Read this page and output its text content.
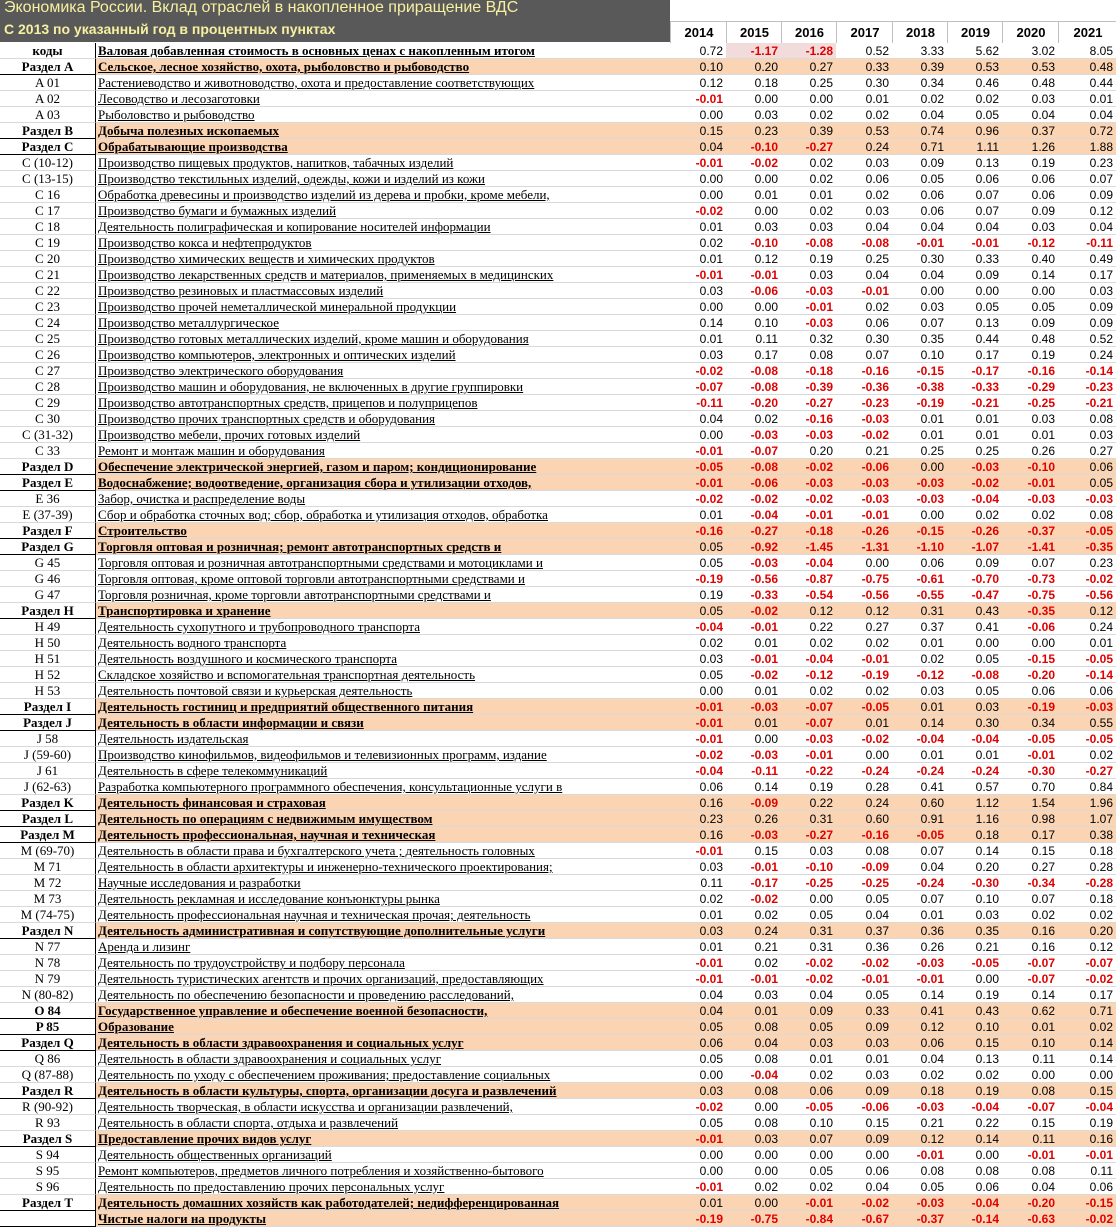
Экономика России. Вклад отраслей в накопленное приращение ВДС
С 2013 по указанный год в процентных пунктах	2014	2015	2016	2017	2018	2019	2020	2021
коды	Валовая добавленная стоимость в основных ценах с накопленным итогом	0.72	-1.17	-1.28	0.52	3.33	5.62	3.02	8.05
Раздел A	Сельское, лесное хозяйство, охота, рыболовство и рыбоводство	0.10	0.20	0.27	0.33	0.39	0.53	0.53	0.48
A 01	Растениеводство и животноводство, охота и предоставление соответствующих	0.12	0.18	0.25	0.30	0.34	0.46	0.48	0.44
A 02	Лесоводство и лесозаготовки	-0.01	0.00	0.00	0.01	0.02	0.02	0.03	0.01
A 03	Рыболовство и рыбоводство	0.00	0.03	0.02	0.02	0.04	0.05	0.04	0.04
Раздел B	Добыча полезных ископаемых	0.15	0.23	0.39	0.53	0.74	0.96	0.37	0.72
Раздел C	Обрабатывающие производства	0.04	-0.10	-0.27	0.24	0.71	1.11	1.26	1.88
C (10-12)	Производство пищевых продуктов, напитков, табачных изделий	-0.01	-0.02	0.02	0.03	0.09	0.13	0.19	0.23
C (13-15)	Производство текстильных изделий, одежды, кожи и изделий из кожи	0.00	0.00	0.02	0.06	0.05	0.06	0.06	0.07
C 16	Обработка древесины и производство изделий из дерева и пробки, кроме мебели,	0.00	0.01	0.01	0.02	0.06	0.07	0.06	0.09
C 17	Производство бумаги и бумажных изделий	-0.02	0.00	0.02	0.03	0.06	0.07	0.09	0.12
C 18	Деятельность полиграфическая и копирование носителей информации	0.01	0.03	0.03	0.04	0.04	0.04	0.03	0.04
C 19	Производство кокса и нефтепродуктов	0.02	-0.10	-0.08	-0.08	-0.01	-0.01	-0.12	-0.11
C 20	Производство химических веществ и химических продуктов	0.01	0.12	0.19	0.25	0.30	0.33	0.40	0.49
C 21	Производство лекарственных средств и материалов, применяемых в медицинских	-0.01	-0.01	0.03	0.04	0.04	0.09	0.14	0.17
C 22	Производство резиновых и пластмассовых изделий	0.03	-0.06	-0.03	-0.01	0.00	0.00	0.00	0.03
C 23	Производство прочей неметаллической минеральной продукции	0.00	0.00	-0.01	0.02	0.03	0.05	0.05	0.09
C 24	Производство металлургическое	0.14	0.10	-0.03	0.06	0.07	0.13	0.09	0.09
C 25	Производство готовых металлических изделий, кроме машин и оборудования	0.01	0.11	0.32	0.30	0.35	0.44	0.48	0.52
C 26	Производство компьютеров, электронных и оптических изделий	0.03	0.17	0.08	0.07	0.10	0.17	0.19	0.24
C 27	Производство электрического оборудования	-0.02	-0.08	-0.18	-0.16	-0.15	-0.17	-0.16	-0.14
C 28	Производство машин и оборудования, не включенных в другие группировки	-0.07	-0.08	-0.39	-0.36	-0.38	-0.33	-0.29	-0.23
C 29	Производство автотранспортных средств, прицепов и полуприцепов	-0.11	-0.20	-0.27	-0.23	-0.19	-0.21	-0.25	-0.21
C 30	Производство прочих транспортных средств и оборудования	0.04	0.02	-0.16	-0.03	0.01	0.01	0.03	0.08
C (31-32)	Производство мебели, прочих готовых изделий	0.00	-0.03	-0.03	-0.02	0.01	0.01	0.01	0.03
C 33	Ремонт и монтаж машин и оборудования	-0.01	-0.07	0.20	0.21	0.25	0.25	0.26	0.27
Раздел D	Обеспечение электрической энергией, газом и паром; кондиционирование	-0.05	-0.08	-0.02	-0.06	0.00	-0.03	-0.10	0.06
Раздел E	Водоснабжение; водоотведение, организация сбора и утилизации отходов,	-0.01	-0.06	-0.03	-0.03	-0.03	-0.02	-0.01	0.05
E 36	Забор, очистка и распределение воды	-0.02	-0.02	-0.02	-0.03	-0.03	-0.04	-0.03	-0.03
E (37-39)	Сбор и обработка сточных вод; сбор, обработка и утилизация отходов, обработка	0.01	-0.04	-0.01	-0.01	0.00	0.02	0.02	0.08
Раздел F	Строительство	-0.16	-0.27	-0.18	-0.26	-0.15	-0.26	-0.37	-0.05
Раздел G	Торговля оптовая и розничная; ремонт автотранспортных средств и	0.05	-0.92	-1.45	-1.31	-1.10	-1.07	-1.41	-0.35
G 45	Торговля оптовая и розничная автотранспортными средствами и мотоциклами и	0.05	-0.03	-0.04	0.00	0.06	0.09	0.07	0.23
G 46	Торговля оптовая, кроме оптовой торговли автотранспортными средствами и	-0.19	-0.56	-0.87	-0.75	-0.61	-0.70	-0.73	-0.02
G 47	Торговля розничная, кроме торговли автотранспортными средствами и	0.19	-0.33	-0.54	-0.56	-0.55	-0.47	-0.75	-0.56
Раздел H	Транспортировка и хранение	0.05	-0.02	0.12	0.12	0.31	0.43	-0.35	0.12
H 49	Деятельность сухопутного и трубопроводного транспорта	-0.04	-0.01	0.22	0.27	0.37	0.41	-0.06	0.24
H 50	Деятельность водного транспорта	0.02	0.01	0.02	0.02	0.01	0.00	0.00	0.01
H 51	Деятельность воздушного и космического транспорта	0.03	-0.01	-0.04	-0.01	0.02	0.05	-0.15	-0.05
H 52	Складское хозяйство и вспомогательная транспортная деятельность	0.05	-0.02	-0.12	-0.19	-0.12	-0.08	-0.20	-0.14
H 53	Деятельность почтовой связи и курьерская деятельность	0.00	0.01	0.02	0.02	0.03	0.05	0.06	0.06
Раздел I	Деятельность гостиниц и предприятий общественного питания	-0.01	-0.03	-0.07	-0.05	0.01	0.03	-0.19	-0.03
Раздел J	Деятельность в области информации и связи	-0.01	0.01	-0.07	0.01	0.14	0.30	0.34	0.55
J 58	Деятельность издательская	-0.01	0.00	-0.03	-0.02	-0.04	-0.04	-0.05	-0.05
J (59-60)	Производство кинофильмов, видеофильмов и телевизионных программ, издание	-0.02	-0.03	-0.01	0.00	0.01	0.01	-0.01	0.02
J 61	Деятельность в сфере телекоммуникаций	-0.04	-0.11	-0.22	-0.24	-0.24	-0.24	-0.30	-0.27
J (62-63)	Разработка компьютерного программного обеспечения, консультационные услуги в	0.06	0.14	0.19	0.28	0.41	0.57	0.70	0.84
Раздел K	Деятельность финансовая и страховая	0.16	-0.09	0.22	0.24	0.60	1.12	1.54	1.96
Раздел L	Деятельность по операциям с недвижимым имуществом	0.23	0.26	0.31	0.60	0.91	1.16	0.98	1.07
Раздел M	Деятельность профессиональная, научная и техническая	0.16	-0.03	-0.27	-0.16	-0.05	0.18	0.17	0.38
M (69-70)	Деятельность в области права и бухгалтерского учета ; деятельность головных	-0.01	0.15	0.03	0.08	0.07	0.14	0.15	0.18
M 71	Деятельность в области архитектуры и инженерно-технического проектирования;	0.03	-0.01	-0.10	-0.09	0.04	0.20	0.27	0.28
M 72	Научные исследования и разработки	0.11	-0.17	-0.25	-0.25	-0.24	-0.30	-0.34	-0.28
M 73	Деятельность рекламная и исследование конъюнктуры рынка	0.02	-0.02	0.00	0.05	0.07	0.10	0.07	0.18
M (74-75)	Деятельность профессиональная научная и техническая прочая; деятельность	0.01	0.02	0.05	0.04	0.01	0.03	0.02	0.02
Раздел N	Деятельность административная и сопутствующие дополнительные услуги	0.03	0.24	0.31	0.37	0.36	0.35	0.16	0.20
N 77	Аренда и лизинг	0.01	0.21	0.31	0.36	0.26	0.21	0.16	0.12
N 78	Деятельность по трудоустройству и подбору персонала	-0.01	0.02	-0.02	-0.02	-0.03	-0.05	-0.07	-0.07
N 79	Деятельность туристических агентств и прочих организаций, предоставляющих	-0.01	-0.01	-0.02	-0.01	-0.01	0.00	-0.07	-0.02
N (80-82)	Деятельность по обеспечению безопасности и проведению расследований,	0.04	0.03	0.04	0.05	0.14	0.19	0.14	0.17
O 84	Государственное управление и обеспечение военной безопасности,	0.04	0.01	0.09	0.33	0.41	0.43	0.62	0.71
P 85	Образование	0.05	0.08	0.05	0.09	0.12	0.10	0.01	0.02
Раздел Q	Деятельность в области здравоохранения и социальных услуг	0.06	0.04	0.03	0.03	0.06	0.15	0.10	0.14
Q 86	Деятельность в области здравоохранения и социальных услуг	0.05	0.08	0.01	0.01	0.04	0.13	0.11	0.14
Q (87-88)	Деятельность по уходу с обеспечением проживания; предоставление социальных	0.00	-0.04	0.02	0.03	0.02	0.02	0.00	0.00
Раздел R	Деятельность в области культуры, спорта, организации досуга и развлечений	0.03	0.08	0.06	0.09	0.18	0.19	0.08	0.15
R (90-92)	Деятельность творческая, в области искусства и организации развлечений,	-0.02	0.00	-0.05	-0.06	-0.03	-0.04	-0.07	-0.04
R 93	Деятельность в области спорта, отдыха и развлечений	0.05	0.08	0.10	0.15	0.21	0.22	0.15	0.19
Раздел S	Предоставление прочих видов услуг	-0.01	0.03	0.07	0.09	0.12	0.14	0.11	0.16
S 94	Деятельность общественных организаций	0.00	0.00	0.00	0.00	-0.01	0.00	-0.01	-0.01
S 95	Ремонт компьютеров, предметов личного потребления и хозяйственно-бытового	0.00	0.00	0.05	0.06	0.08	0.08	0.08	0.11
S 96	Деятельность по предоставлению прочих персональных услуг	-0.01	0.02	0.02	0.04	0.05	0.06	0.04	0.06
Раздел T	Деятельность домашних хозяйств как работодателей; недифференцированная	0.01	0.00	-0.01	-0.02	-0.03	-0.04	-0.20	-0.15
Чистые налоги на продукты	-0.19	-0.75	-0.84	-0.67	-0.37	-0.14	-0.63	-0.02
